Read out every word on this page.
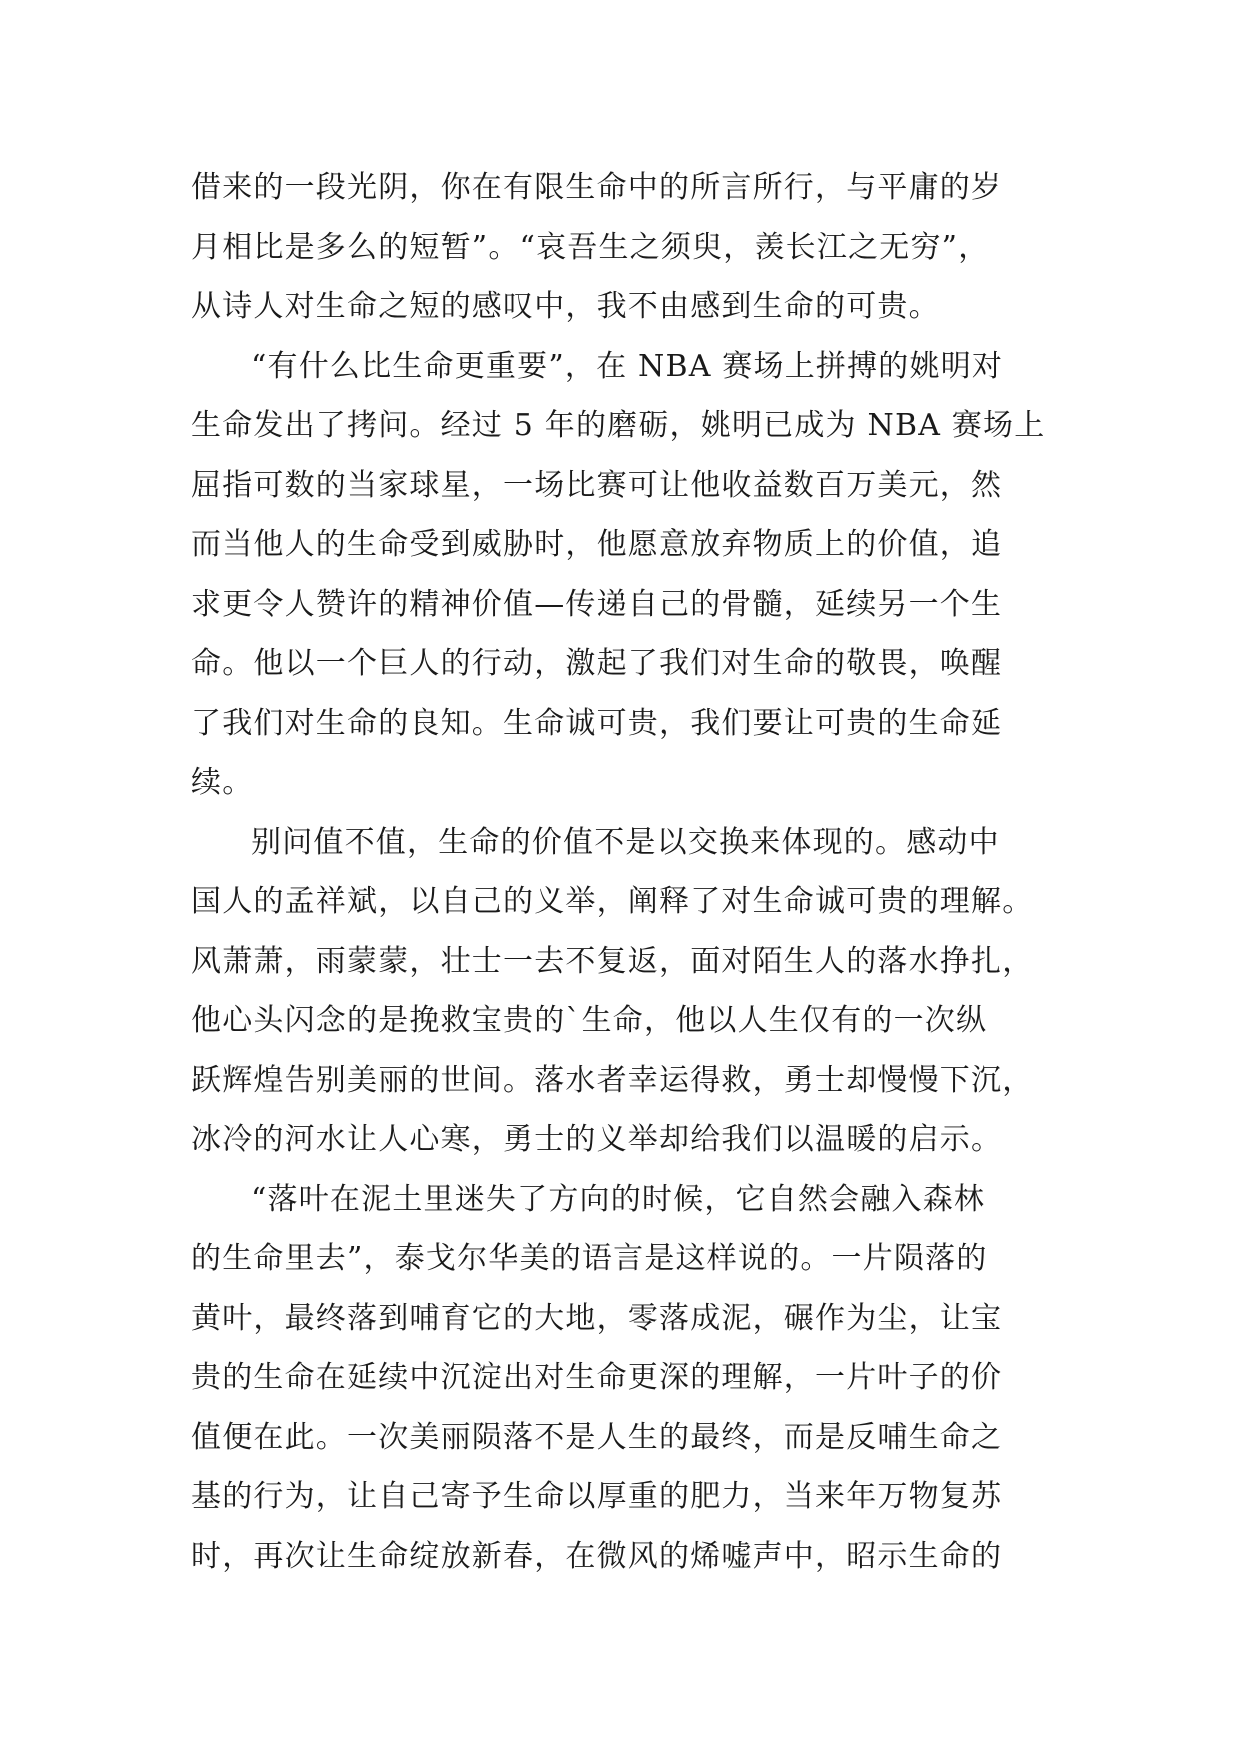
借来的一段光阴，你在有限生命中的所言所行，与平庸的岁
月相比是多么的短暂”。“哀吾生之须臾，羡长江之无穷”，
从诗人对生命之短的感叹中，我不由感到生命的可贵。
“有什么比生命更重要”，在 NBA 赛场上拼搏的姚明对
生命发出了拷问。经过 5 年的磨砺，姚明已成为 NBA 赛场上
屈指可数的当家球星，一场比赛可让他收益数百万美元，然
而当他人的生命受到威胁时，他愿意放弃物质上的价值，追
求更令人赞许的精神价值—传递自己的骨髓，延续另一个生
命。他以一个巨人的行动，激起了我们对生命的敬畏，唤醒
了我们对生命的良知。生命诚可贵，我们要让可贵的生命延
续。
别问值不值，生命的价值不是以交换来体现的。感动中
国人的孟祥斌，以自己的义举，阐释了对生命诚可贵的理解。
风萧萧，雨蒙蒙，壮士一去不复返，面对陌生人的落水挣扎，
他心头闪念的是挽救宝贵的`生命，他以人生仅有的一次纵
跃辉煌告别美丽的世间。落水者幸运得救，勇士却慢慢下沉，
冰冷的河水让人心寒，勇士的义举却给我们以温暖的启示。
“落叶在泥土里迷失了方向的时候，它自然会融入森林
的生命里去”，泰戈尔华美的语言是这样说的。一片陨落的
黄叶，最终落到哺育它的大地，零落成泥，碾作为尘，让宝
贵的生命在延续中沉淀出对生命更深的理解，一片叶子的价
值便在此。一次美丽陨落不是人生的最终，而是反哺生命之
基的行为，让自己寄予生命以厚重的肥力，当来年万物复苏
时，再次让生命绽放新春，在微风的烯嘘声中，昭示生命的
